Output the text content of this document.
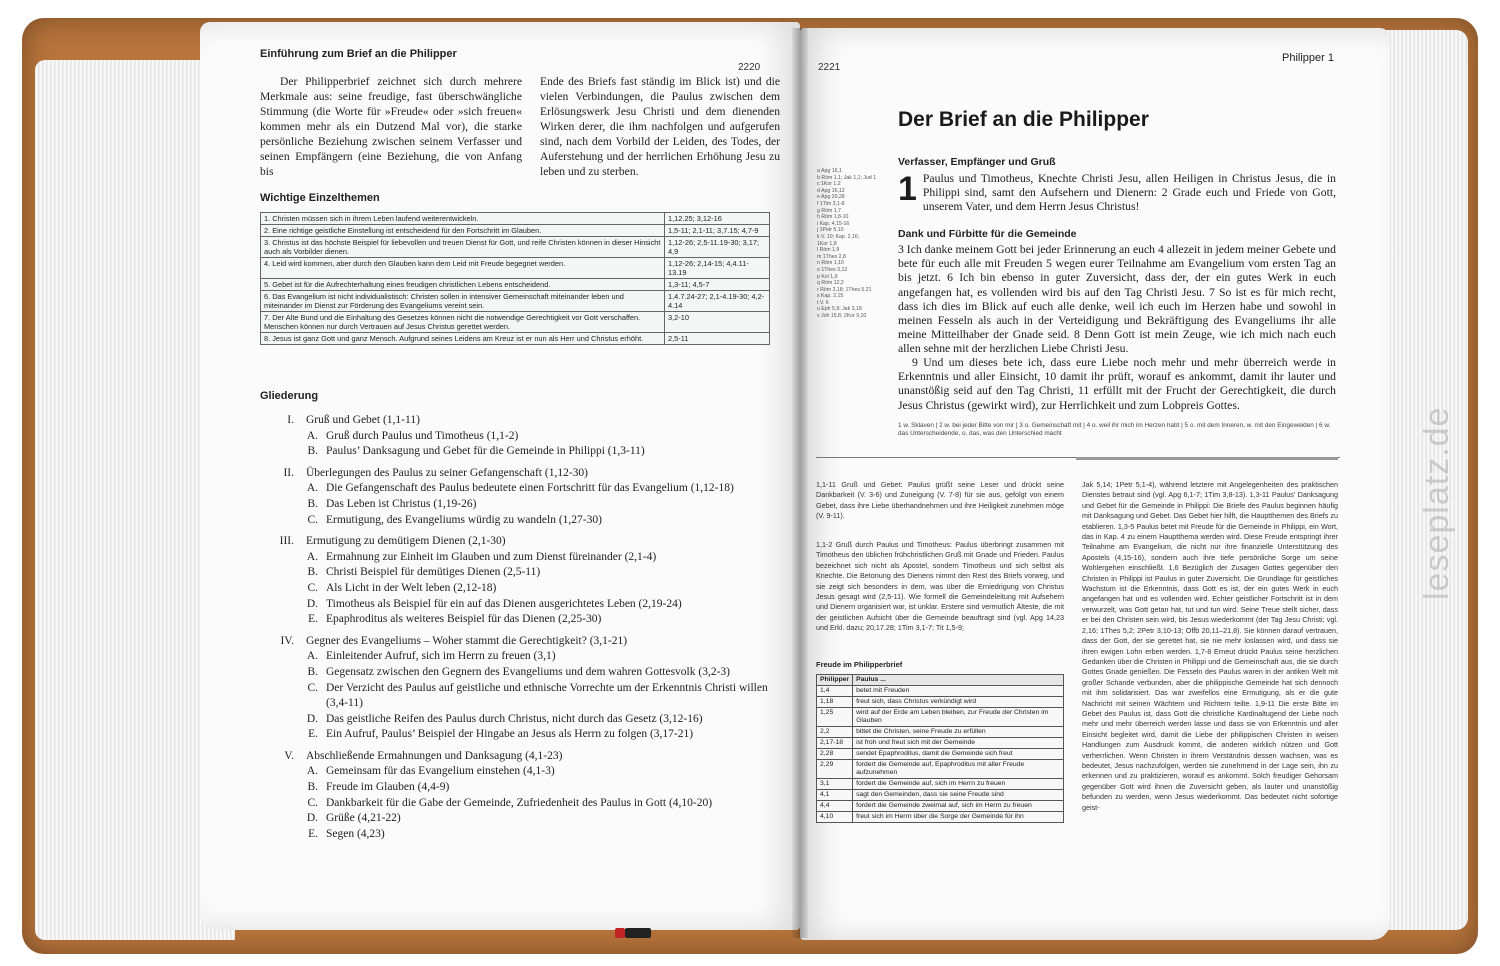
Einführung zum Brief an die Philipper
2220
Der Philipperbrief zeichnet sich durch mehrere Merkmale aus: seine freudige, fast überschwängliche Stimmung (die Worte für »Freude« oder »sich freuen« kommen mehr als ein Dutzend Mal vor), die starke persönliche Beziehung zwischen seinem Verfasser und seinen Empfängern (eine Beziehung, die von Anfang bis
Ende des Briefs fast ständig im Blick ist) und die vielen Verbindungen, die Paulus zwischen dem Erlösungswerk Jesu Christi und dem dienenden Wirken derer, die ihm nachfolgen und aufgerufen sind, nach dem Vorbild der Leiden, des Todes, der Auferstehung und der herrlichen Erhöhung Jesu zu leben und zu sterben.
Wichtige Einzelthemen
1. Christen müssen sich in ihrem Leben laufend weiterentwickeln.	1,12.25; 3,12-16
2. Eine richtige geistliche Einstellung ist entscheidend für den Fortschritt im Glauben.	1,5-11; 2,1-11; 3,7.15; 4,7-9
3. Christus ist das höchste Beispiel für liebevollen und treuen Dienst für Gott, und reife Christen können in dieser Hinsicht auch als Vorbilder dienen.	1,12-26; 2,5-11.19-30; 3,17; 4,9
4. Leid wird kommen, aber durch den Glauben kann dem Leid mit Freude begegnet werden.	1,12-26; 2,14-15; 4,4.11-13.19
5. Gebet ist für die Aufrechterhaltung eines freudigen christlichen Lebens entscheidend.	1,3-11; 4,5-7
6. Das Evangelium ist nicht individualistisch: Christen sollen in intensiver Gemeinschaft miteinander leben und miteinander im Dienst zur Förderung des Evangeliums vereint sein.	1,4.7.24-27; 2,1-4.19-30; 4,2-4.14
7. Der Alte Bund und die Einhaltung des Gesetzes können nicht die notwendige Gerechtigkeit vor Gott verschaffen. Menschen können nur durch Vertrauen auf Jesus Christus gerettet werden.	3,2-10
8. Jesus ist ganz Gott und ganz Mensch. Aufgrund seines Leidens am Kreuz ist er nun als Herr und Christus erhöht.	2,5-11
Gliederung
I. Gruß und Gebet (1,1-11)
A. Gruß durch Paulus und Timotheus (1,1-2)
B. Paulus’ Danksagung und Gebet für die Gemeinde in Philippi (1,3-11)
II. Überlegungen des Paulus zu seiner Gefangenschaft (1,12-30)
A. Die Gefangenschaft des Paulus bedeutete einen Fortschritt für das Evangelium (1,12-18)
B. Das Leben ist Christus (1,19-26)
C. Ermutigung, des Evangeliums würdig zu wandeln (1,27-30)
III. Ermutigung zu demütigem Dienen (2,1-30)
A. Ermahnung zur Einheit im Glauben und zum Dienst füreinander (2,1-4)
B. Christi Beispiel für demütiges Dienen (2,5-11)
C. Als Licht in der Welt leben (2,12-18)
D. Timotheus als Beispiel für ein auf das Dienen ausgerichtetes Leben (2,19-24)
E. Epaphroditus als weiteres Beispiel für das Dienen (2,25-30)
IV. Gegner des Evangeliums – Woher stammt die Gerechtigkeit? (3,1-21)
A. Einleitender Aufruf, sich im Herrn zu freuen (3,1)
B. Gegensatz zwischen den Gegnern des Evangeliums und dem wahren Gottesvolk (3,2-3)
C. Der Verzicht des Paulus auf geistliche und ethnische Vorrechte um der Erkenntnis Christi willen
(3,4-11)
D. Das geistliche Reifen des Paulus durch Christus, nicht durch das Gesetz (3,12-16)
E. Ein Aufruf, Paulus’ Beispiel der Hingabe an Jesus als Herrn zu folgen (3,17-21)
V. Abschließende Ermahnungen und Danksagung (4,1-23)
A. Gemeinsam für das Evangelium einstehen (4,1-3)
B. Freude im Glauben (4,4-9)
C. Dankbarkeit für die Gabe der Gemeinde, Zufriedenheit des Paulus in Gott (4,10-20)
D. Grüße (4,21-22)
E. Segen (4,23)
2221
Philipper 1
Der Brief an die Philipper
a Apg 16,1
b Röm 1,1; Jak 1,1; Jud 1
c 1Kor 1,2
d Apg 16,12
e Apg 20,28
f 1Tim 3,1-8
g Röm 1,7
h Röm 1,8-10
i Kap. 4,15-16
j 1Petr 5,10
k V. 10; Kap. 2,16;
1Kor 1,8
l Röm 1,9
m 1Thes 2,8
n Röm 1,10
o 1Thes 3,12
p Kol 1,9
q Röm 12,2
r Röm 2,18; 1Thes 5,21
s Kap. 2,15
t V. 6
u Eph 5,9; Jak 3,18
v Joh 15,8; 2Kor 9,10
Verfasser, Empfänger und Gruß
1 Paulus und Timotheus, Knechte Christi Jesu, allen Heiligen in Christus Jesus, die in Philippi sind, samt den Aufsehern und Dienern: 2 Grade euch und Friede von Gott, unserem Vater, und dem Herrn Jesus Christus!
Dank und Fürbitte für die Gemeinde
3 Ich danke meinem Gott bei jeder Erinnerung an euch 4 allezeit in jedem meiner Gebete und bete für euch alle mit Freuden 5 wegen eurer Teilnahme am Evangelium vom ersten Tag an bis jetzt. 6 Ich bin ebenso in guter Zuversicht, dass der, der ein gutes Werk in euch angefangen hat, es vollenden wird bis auf den Tag Christi Jesu. 7 So ist es für mich recht, dass ich dies im Blick auf euch alle denke, weil ich euch im Herzen habe und sowohl in meinen Fesseln als auch in der Verteidigung und Bekräftigung des Evangeliums ihr alle meine Mitteilhaber der Gnade seid. 8 Denn Gott ist mein Zeuge, wie ich mich nach euch allen sehne mit der herzlichen Liebe Christi Jesu.
9 Und um dieses bete ich, dass eure Liebe noch mehr und mehr überreich werde in Erkenntnis und aller Einsicht, 10 damit ihr prüft, worauf es ankommt, damit ihr lauter und unanstößig seid auf den Tag Christi, 11 erfüllt mit der Frucht der Gerechtigkeit, die durch Jesus Christus (gewirkt wird), zur Herrlichkeit und zum Lobpreis Gottes.
1 w. Sklaven | 2 w. bei jeder Bitte von mir | 3 o. Gemeinschaft mit | 4 o. weil ihr mich im Herzen habt | 5 o. mit dem Inneren, w. mit den Eingeweiden | 6 w. das Unterscheidende, o. das, was den Unterschied macht
1,1-11 Gruß und Gebet: Paulus grüßt seine Leser und drückt seine Dankbarkeit (V. 3-6) und Zuneigung (V. 7-8) für sie aus, gefolgt von einem Gebet, dass ihre Liebe überhandnehmen und ihre Heiligkeit zunehmen möge (V. 9-11).
1,1-2 Gruß durch Paulus und Timotheus: Paulus überbringt zusammen mit Timotheus den üblichen frühchristlichen Gruß mit Gnade und Frieden. Paulus bezeichnet sich nicht als Apostel, sondern Timotheus und sich selbst als Knechte. Die Betonung des Dienens nimmt den Rest des Briefs vorweg, und sie zeigt sich besonders in dem, was über die Erniedrigung von Christus Jesus gesagt wird (2,5-11). Wie formell die Gemeindeleitung mit Aufsehern und Dienern organisiert war, ist unklar. Erstere sind vermutlich Älteste, die mit der geistlichen Aufsicht über die Gemeinde beauftragt sind (vgl. Apg 14,23 und Erkl. dazu; 20,17.28; 1Tim 3,1-7; Tit 1,5-9;
Freude im Philipperbrief
Philipper	Paulus ...
1,4	betet mit Freuden
1,18	freut sich, dass Christus verkündigt wird
1,25	wird auf der Erde am Leben bleiben, zur Freude der Christen im Glauben
2,2	bittet die Christen, seine Freude zu erfüllen
2,17-18	ist froh und freut sich mit der Gemeinde
2,28	sendet Epaphroditus, damit die Gemeinde sich freut
2,29	fordert die Gemeinde auf, Epaphroditus mit aller Freude aufzunehmen
3,1	fordert die Gemeinde auf, sich im Herrn zu freuen
4,1	sagt den Gemeinden, dass sie seine Freude sind
4,4	fordert die Gemeinde zweimal auf, sich im Herrn zu freuen
4,10	freut sich im Herrn über die Sorge der Gemeinde für ihn
Jak 5,14; 1Petr 5,1-4), während letztere mit Angelegenheiten des praktischen Dienstes betraut sind (vgl. Apg 6,1-7; 1Tim 3,8-13). 1,3-11 Paulus’ Danksagung und Gebet für die Gemeinde in Philippi: Die Briefe des Paulus beginnen häufig mit Danksagung und Gebet. Das Gebet hier hilft, die Hauptthemen des Briefs zu etablieren. 1,3-5 Paulus betet mit Freude für die Gemeinde in Philippi, ein Wort, das in Kap. 4 zu einem Hauptthema werden wird. Diese Freude entspringt ihrer Teilnahme am Evangelium, die nicht nur ihre finanzielle Unterstützung des Apostels (4,15-16), sondern auch ihre tiefe persönliche Sorge um seine Wohlergehen einschließt. 1,6 Bezüglich der Zusagen Gottes gegenüber den Christen in Philippi ist Paulus in guter Zuversicht. Die Grundlage für geistliches Wachstum ist die Erkenntnis, dass Gott es ist, der ein gutes Werk in euch angefangen hat und es vollenden wird. Echter geistlicher Fortschritt ist in dem verwurzelt, was Gott getan hat, tut und tun wird. Seine Treue stellt sicher, dass er bei den Christen sein wird, bis Jesus wiederkommt (der Tag Jesu Christi; vgl. 2,16; 1Thes 5,2; 2Petr 3,10-13; Offb 20,11–21,8). Sie können darauf vertrauen, dass der Gott, der sie gerettet hat, sie nie mehr loslassen wird, und dass sie ihren ewigen Lohn erben werden. 1,7-8 Erneut drückt Paulus seine herzlichen Gedanken über die Christen in Philippi und die Gemeinschaft aus, die sie durch Gottes Gnade genießen. Die Fesseln des Paulus waren in der antiken Welt mit großer Schande verbunden, aber die philippische Gemeinde hat sich dennoch mit ihm solidarisiert. Das war zweifellos eine Ermutigung, als er die gute Nachricht mit seinen Wächtern und Richtern teilte. 1,9-11 Die erste Bitte im Gebet des Paulus ist, dass Gott die christliche Kardinaltugend der Liebe noch mehr und mehr überreich werden lasse und dass sie von Erkenntnis und aller Einsicht begleitet wird, damit die Liebe der philippischen Christen in weisen Handlungen zum Ausdruck kommt, die anderen wirklich nützen und Gott verherrlichen. Wenn Christen in ihrem Verständnis dessen wachsen, was es bedeutet, Jesus nachzufolgen, werden sie zunehmend in der Lage sein, ihn zu erkennen und zu praktizieren, worauf es ankommt. Solch freudiger Gehorsam gegenüber Gott wird ihnen die Zuversicht geben, als lauter und unanstößig befunden zu werden, wenn Jesus wiederkommt. Das bedeutet nicht sofortige geist-
leseplatz.de
